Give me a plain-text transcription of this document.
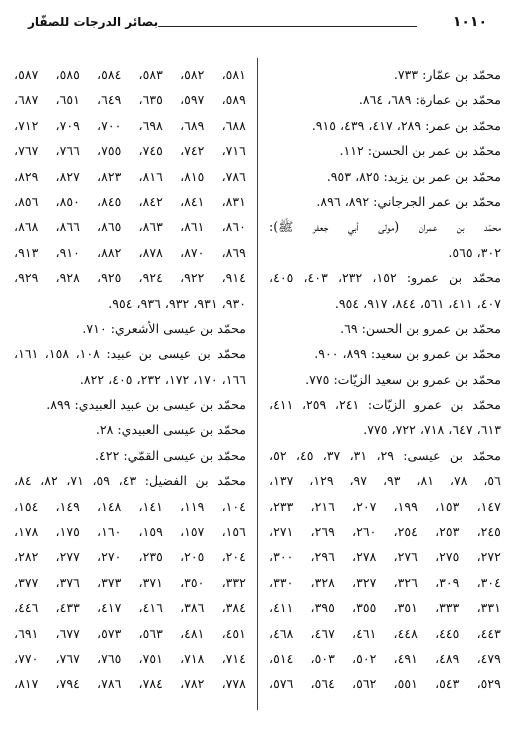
١٠١٠
بصائر الدرجات للصفّار
محمّد بن عمّار: ٧٣٣.
محمّد بن عمارة: ٦٨٩، ٨٦٤.
محمّد بن عمر: ٢٨٩، ٤١٧، ٤٣٩، ٩١٥.
محمّد بن عمر بن الحسن: ١١٢.
محمّد بن عمر بن يزيد: ٨٢٥، ٩٥٣.
محمّد بن عمر الجرجاني: ٨٩٢، ٨٩٦.
محمّد بن عمران (مولى أبي جعفر ﷺ):
٣٠٢، ٥٦٥.
محمّد بن عمرو: ١٥٢، ٢٣٢، ٤٠٣، ٤٠٥،
٤٠٧، ٤١١، ٥٦١، ٨٤٤، ٩١٧، ٩٥٤.
محمّد بن عمرو بن الحسن: ٦٩.
محمّد بن عمرو بن سعيد: ٨٩٩، ٩٠٠.
محمّد بن عمرو بن سعيد الزيّات: ٧٧٥.
محمّد بن عمرو الزيّات: ٢٤١، ٢٥٩، ٤١١،
٦١٣، ٦٤٧، ٧١٨، ٧٢٢، ٧٧٥.
محمّد بن عيسى: ٢٩، ٣١، ٣٧، ٤٥، ٥٢،
٥٦، ٧٨، ٨١، ٩٣، ٩٧، ١٢٩، ١٣٧،
١٤٧، ١٥٣، ١٩٩، ٢٠٧، ٢١٦، ٢٣٣،
٢٤٥، ٢٥٣، ٢٥٤، ٢٦٠، ٢٦٩، ٢٧١،
٢٧٢، ٢٧٥، ٢٧٦، ٢٧٨، ٢٩٦، ٣٠٠،
٣٠٤، ٣٠٩، ٣٢٦، ٣٢٧، ٣٢٨، ٣٣٠،
٣٣١، ٣٣٣، ٣٥١، ٣٥٥، ٣٩٥، ٤١١،
٤٤٣، ٤٤٥، ٤٤٨، ٤٦١، ٤٦٧، ٤٦٨،
٤٧٩، ٤٨٩، ٤٩١، ٥٠٢، ٥٠٣، ٥١٤،
٥٢٩، ٥٤٣، ٥٥١، ٥٦٢، ٥٦٤، ٥٧٦،
٥٨١، ٥٨٢، ٥٨٣، ٥٨٤، ٥٨٥، ٥٨٧،
٥٨٩، ٥٩٧، ٦٣٥، ٦٤٩، ٦٥١، ٦٨٧،
٦٨٨، ٦٨٩، ٦٩٨، ٧٠٠، ٧٠٩، ٧١٢،
٧١٦، ٧٤٢، ٧٤٥، ٧٥٥، ٧٦٦، ٧٦٧،
٧٨٦، ٨١٥، ٨١٦، ٨٢٣، ٨٢٧، ٨٢٩،
٨٣١، ٨٤١، ٨٤٢، ٨٤٥، ٨٥٠، ٨٥٦،
٨٦٠، ٨٦١، ٨٦٣، ٨٦٥، ٨٦٦، ٨٦٨،
٨٦٩، ٨٧٠، ٨٧٨، ٨٨٢، ٩١٠، ٩١٣،
٩١٤، ٩٢٢، ٩٢٤، ٩٢٥، ٩٢٨، ٩٢٩،
٩٣٠، ٩٣١، ٩٣٢، ٩٣٦، ٩٥٤.
محمّد بن عيسى الأشعري: ٧١٠.
محمّد بن عيسى بن عبيد: ١٠٨، ١٥٨، ١٦١،
١٦٦، ١٧٠، ١٧٢، ٢٣٢، ٤٠٥، ٨٢٢.
محمّد بن عيسى بن عبيد العبيدي: ٨٩٩.
محمّد بن عيسى العبيدي: ٢٨.
محمّد بن عيسى القمّي: ٤٢٢.
محمّد بن الفضيل: ٤٣، ٥٩، ٧١، ٨٢، ٨٤،
١٠٤، ١١٩، ١٤١، ١٤٨، ١٤٩، ١٥٤،
١٥٦، ١٥٧، ١٥٩، ١٦٠، ١٧٥، ١٧٨،
٢٠٤، ٢٠٥، ٢٣٥، ٢٧٠، ٢٧٧، ٢٨٢،
٣٣٢، ٣٥٠، ٣٧١، ٣٧٣، ٣٧٦، ٣٧٧،
٣٨٤، ٣٨٦، ٤١٦، ٤١٧، ٤٣٣، ٤٤٦،
٤٥١، ٤٨١، ٥٦٣، ٥٧٣، ٦٧٧، ٦٩١،
٧١٤، ٧١٨، ٧٥١، ٧٦٥، ٧٦٧، ٧٧٠،
٧٧٨، ٧٨٢، ٧٨٤، ٧٨٦، ٧٩٤، ٨١٧،
